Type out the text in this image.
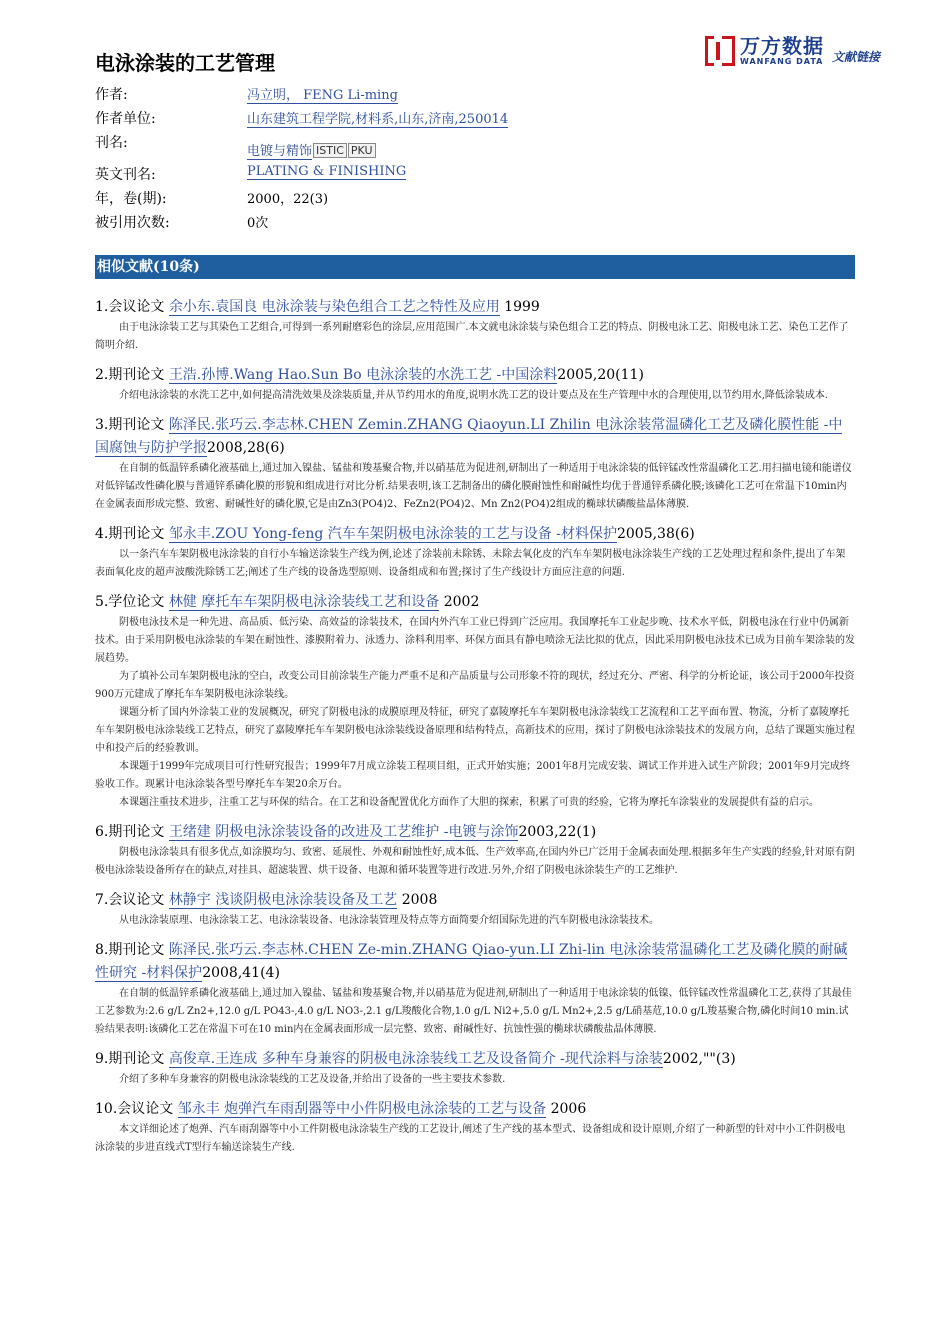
电泳涂装的工艺管理
万方数据
WANFANG DATA 文献链接
作者:	冯立明， FENG Li-ming
作者单位:	山东建筑工程学院,材料系,山东,济南,250014
刊名:
电镀与精饰 ISTIC PKU
英文刊名:	PLATING & FINISHING
年，卷(期):	2000，22(3)
被引用次数:	0次
相似文献(10条)
1.会议论文 余小东.袁国良 电泳涂装与染色组合工艺之特性及应用 1999

由于电泳涂装工艺与其染色工艺组合,可得到一系列耐磨彩色的涂层,应用范围广.本文就电泳涂装与染色组合工艺的特点、阴极电泳工艺、阳极电泳工艺、染色工艺作了简明介绍.

2.期刊论文 王浩.孙博.Wang Hao.Sun Bo 电泳涂装的水洗工艺 -中国涂料2005,20(11)

介绍电泳涂装的水洗工艺中,如何提高清洗效果及涂装质量,并从节约用水的角度,说明水洗工艺的设计要点及在生产管理中水的合理使用,以节约用水,降低涂装成本.

3.期刊论文 陈泽民.张巧云.李志林.CHEN Zemin.ZHANG Qiaoyun.LI Zhilin 电泳涂装常温磷化工艺及磷化膜性能 -中国腐蚀与防护学报2008,28(6)

在自制的低温锌系磷化液基础上,通过加入镍盐、锰盐和羧基聚合物,并以硝基苊为促进剂,研制出了一种适用于电泳涂装的低锌锰改性常温磷化工艺.用扫描电镜和能谱仪对低锌锰改性磷化膜与普通锌系磷化膜的形貌和组成进行对比分析.结果表明,该工艺制备出的磷化膜耐蚀性和耐碱性均优于普通锌系磷化膜;该磷化工艺可在常温下10min内在金属表面形成完整、致密、耐碱性好的磷化膜,它是由Zn3(PO4)2、FeZn2(PO4)2、Mn Zn2(PO4)2组成的椭球状磷酸盐晶体薄膜.

4.期刊论文 邹永丰.ZOU Yong-feng 汽车车架阴极电泳涂装的工艺与设备 -材料保护2005,38(6)

以一条汽车车架阴极电泳涂装的自行小车输送涂装生产线为例,论述了涂装前未除锈、未除去氧化皮的汽车车架阴极电泳涂装生产线的工艺处理过程和条件,提出了车架表面氧化皮的超声波酸洗除锈工艺;阐述了生产线的设备选型原则、设备组成和布置;探讨了生产线设计方面应注意的问题.

5.学位论文 林健 摩托车车架阴极电泳涂装线工艺和设备 2002

阴极电泳技术是一种先进、高品质、低污染、高效益的涂装技术，在国内外汽车工业已得到广泛应用。我国摩托车工业起步晚、技术水平低，阴极电泳在行业中仍属新技术。由于采用阴极电泳涂装的车架在耐蚀性、漆膜附着力、泳透力、涂料利用率、环保方面具有静电喷涂无法比拟的优点，因此采用阴极电泳技术已成为目前车架涂装的发展趋势。

为了填补公司车架阴极电泳的空白，改变公司目前涂装生产能力严重不足和产品质量与公司形象不符的现状，经过充分、严密、科学的分析论证，该公司于2000年投资900万元建成了摩托车车架阴极电泳涂装线。

课题分析了国内外涂装工业的发展概况，研究了阴极电泳的成膜原理及特征，研究了嘉陵摩托车车架阴极电泳涂装线工艺流程和工艺平面布置、物流，分析了嘉陵摩托车车架阴极电泳涂装线工艺特点，研究了嘉陵摩托车车架阴极电泳涂装线设备原理和结构特点，高新技术的应用，探讨了阴极电泳涂装技术的发展方向，总结了课题实施过程中和投产后的经验教训。

本课题于1999年完成项目可行性研究报告；1999年7月成立涂装工程项目组，正式开始实施；2001年8月完成安装、调试工作并进入试生产阶段；2001年9月完成终验收工作。现累计电泳涂装各型号摩托车车架20余万台。

本课题注重技术进步，注重工艺与环保的结合。在工艺和设备配置优化方面作了大胆的探索，积累了可贵的经验，它将为摩托车涂装业的发展提供有益的启示。

6.期刊论文 王绪建 阴极电泳涂装设备的改进及工艺维护 -电镀与涂饰2003,22(1)

阴极电泳涂装具有很多优点,如涂膜均匀、致密、延展性、外观和耐蚀性好,成本低、生产效率高,在国内外已广泛用于金属表面处理.根据多年生产实践的经验,针对原有阴极电泳涂装设备所存在的缺点,对挂具、超滤装置、烘干设备、电源和循环装置等进行改进.另外,介绍了阴极电泳涂装生产的工艺维护.

7.会议论文 林静宇 浅谈阴极电泳涂装设备及工艺 2008

从电泳涂装原理、电泳涂装工艺、电泳涂装设备、电泳涂装管理及特点等方面简要介绍国际先进的汽车阴极电泳涂装技术。

8.期刊论文 陈泽民.张巧云.李志林.CHEN Ze-min.ZHANG Qiao-yun.LI Zhi-lin 电泳涂装常温磷化工艺及磷化膜的耐碱性研究 -材料保护2008,41(4)

在自制的低温锌系磷化液基础上,通过加入镍盐、锰盐和羧基聚合物,并以硝基苊为促进剂,研制出了一种适用于电泳涂装的低镍、低锌锰改性常温磷化工艺,获得了其最佳工艺参数为:2.6 g/L Zn2+,12.0 g/L PO43-,4.0 g/L NO3-,2.1 g/L羧酸化合物,1.0 g/L Ni2+,5.0 g/L Mn2+,2.5 g/L硝基苊,10.0 g/L羧基聚合物,磷化时间10 min.试验结果表明:该磷化工艺在常温下可在10 min内在金属表面形成一层完整、致密、耐碱性好、抗蚀性强的椭球状磷酸盐晶体薄膜.

9.期刊论文 高俊章.王连成 多种车身兼容的阴极电泳涂装线工艺及设备简介 -现代涂料与涂装2002,""(3)

介绍了多种车身兼容的阴极电泳涂装线的工艺及设备,并给出了设备的一些主要技术参数.

10.会议论文 邹永丰 炮弹汽车雨刮器等中小件阴极电泳涂装的工艺与设备 2006

本文详细论述了炮弹、汽车雨刮器等中小工件阴极电泳涂装生产线的工艺设计,阐述了生产线的基本型式、设备组成和设计原则,介绍了一种新型的针对中小工件阴极电泳涂装的步进直线式T型行车输送涂装生产线.
